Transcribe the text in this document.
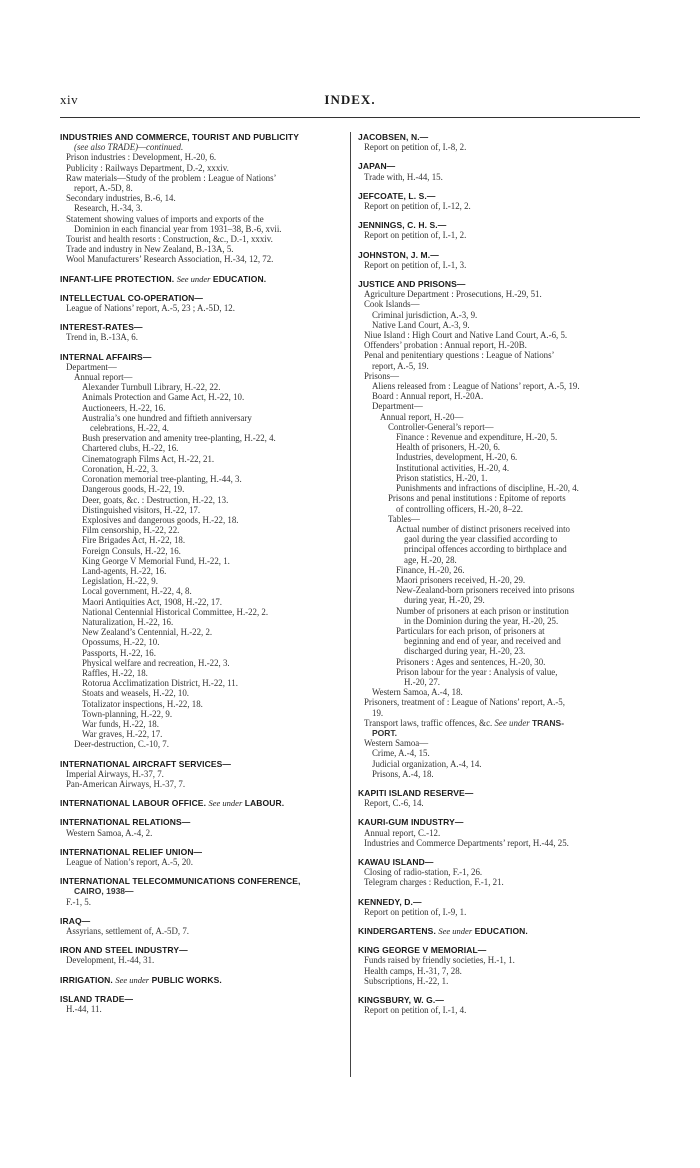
xiv	INDEX.
INDUSTRIES AND COMMERCE, TOURIST AND PUBLICITY
(see also TRADE)—continued.
Prison industries : Development, H.-20, 6.
Publicity : Railways Department, D.-2, xxxiv.
Raw materials—Study of the problem : League of Nations’
report, A.-5D, 8.
Secondary industries, B.-6, 14.
Research, H.-34, 3.
Statement showing values of imports and exports of the
Dominion in each financial year from 1931–38, B.-6, xvii.
Tourist and health resorts : Construction, &c., D.-1, xxxiv.
Trade and industry in New Zealand, B.-13A, 5.
Wool Manufacturers’ Research Association, H.-34, 12, 72.
INFANT-LIFE PROTECTION. See under EDUCATION.
INTELLECTUAL CO-OPERATION—
League of Nations’ report, A.-5, 23 ; A.-5D, 12.
INTEREST-RATES—
Trend in, B.-13A, 6.
INTERNAL AFFAIRS—
Department—
Annual report—
Alexander Turnbull Library, H.-22, 22.
Animals Protection and Game Act, H.-22, 10.
Auctioneers, H.-22, 16.
Australia’s one hundred and fiftieth anniversary
celebrations, H.-22, 4.
Bush preservation and amenity tree-planting, H.-22, 4.
Chartered clubs, H.-22, 16.
Cinematograph Films Act, H.-22, 21.
Coronation, H.-22, 3.
Coronation memorial tree-planting, H.-44, 3.
Dangerous goods, H.-22, 19.
Deer, goats, &c. : Destruction, H.-22, 13.
Distinguished visitors, H.-22, 17.
Explosives and dangerous goods, H.-22, 18.
Film censorship, H.-22, 22.
Fire Brigades Act, H.-22, 18.
Foreign Consuls, H.-22, 16.
King George V Memorial Fund, H.-22, 1.
Land-agents, H.-22, 16.
Legislation, H.-22, 9.
Local government, H.-22, 4, 8.
Maori Antiquities Act, 1908, H.-22, 17.
National Centennial Historical Committee, H.-22, 2.
Naturalization, H.-22, 16.
New Zealand’s Centennial, H.-22, 2.
Opossums, H.-22, 10.
Passports, H.-22, 16.
Physical welfare and recreation, H.-22, 3.
Raffles, H.-22, 18.
Rotorua Acclimatization District, H.-22, 11.
Stoats and weasels, H.-22, 10.
Totalizator inspections, H.-22, 18.
Town-planning, H.-22, 9.
War funds, H.-22, 18.
War graves, H.-22, 17.
Deer-destruction, C.-10, 7.
INTERNATIONAL AIRCRAFT SERVICES—
Imperial Airways, H.-37, 7.
Pan-American Airways, H.-37, 7.
INTERNATIONAL LABOUR OFFICE. See under LABOUR.
INTERNATIONAL RELATIONS—
Western Samoa, A.-4, 2.
INTERNATIONAL RELIEF UNION—
League of Nation’s report, A.-5, 20.
INTERNATIONAL TELECOMMUNICATIONS CONFERENCE,
CAIRO, 1938—
F.-1, 5.
IRAQ—
Assyrians, settlement of, A.-5D, 7.
IRON AND STEEL INDUSTRY—
Development, H.-44, 31.
IRRIGATION. See under PUBLIC WORKS.
ISLAND TRADE—
H.-44, 11.
JACOBSEN, N.—
Report on petition of, I.-8, 2.
JAPAN—
Trade with, H.-44, 15.
JEFCOATE, L. S.—
Report on petition of, I.-12, 2.
JENNINGS, C. H. S.—
Report on petition of, I.-1, 2.
JOHNSTON, J. M.—
Report on petition of, I.-1, 3.
JUSTICE AND PRISONS—
Agriculture Department : Prosecutions, H.-29, 51.
Cook Islands—
Criminal jurisdiction, A.-3, 9.
Native Land Court, A.-3, 9.
Niue Island : High Court and Native Land Court, A.-6, 5.
Offenders’ probation : Annual report, H.-20B.
Penal and penitentiary questions : League of Nations’
report, A.-5, 19.
Prisons—
Aliens released from : League of Nations’ report, A.-5, 19.
Board : Annual report, H.-20A.
Department—
Annual report, H.-20—
Controller-General’s report—
Finance : Revenue and expenditure, H.-20, 5.
Health of prisoners, H.-20, 6.
Industries, development, H.-20, 6.
Institutional activities, H.-20, 4.
Prison statistics, H.-20, 1.
Punishments and infractions of discipline, H.-20, 4.
Prisons and penal institutions : Epitome of reports
of controlling officers, H.-20, 8–22.
Tables—
Actual number of distinct prisoners received into
gaol during the year classified according to
principal offences according to birthplace and
age, H.-20, 28.
Finance, H.-20, 26.
Maori prisoners received, H.-20, 29.
New-Zealand-born prisoners received into prisons
during year, H.-20, 29.
Number of prisoners at each prison or institution
in the Dominion during the year, H.-20, 25.
Particulars for each prison, of prisoners at
beginning and end of year, and received and
discharged during year, H.-20, 23.
Prisoners : Ages and sentences, H.-20, 30.
Prison labour for the year : Analysis of value,
H.-20, 27.
Western Samoa, A.-4, 18.
Prisoners, treatment of : League of Nations’ report, A.-5,
19.
Transport laws, traffic offences, &c. See under TRANS-
PORT.
Western Samoa—
Crime, A.-4, 15.
Judicial organization, A.-4, 14.
Prisons, A.-4, 18.
KAPITI ISLAND RESERVE—
Report, C.-6, 14.
KAURI-GUM INDUSTRY—
Annual report, C.-12.
Industries and Commerce Departments’ report, H.-44, 25.
KAWAU ISLAND—
Closing of radio-station, F.-1, 26.
Telegram charges : Reduction, F.-1, 21.
KENNEDY, D.—
Report on petition of, I.-9, 1.
KINDERGARTENS. See under EDUCATION.
KING GEORGE V MEMORIAL—
Funds raised by friendly societies, H.-1, 1.
Health camps, H.-31, 7, 28.
Subscriptions, H.-22, 1.
KINGSBURY, W. G.—
Report on petition of, I.-1, 4.
